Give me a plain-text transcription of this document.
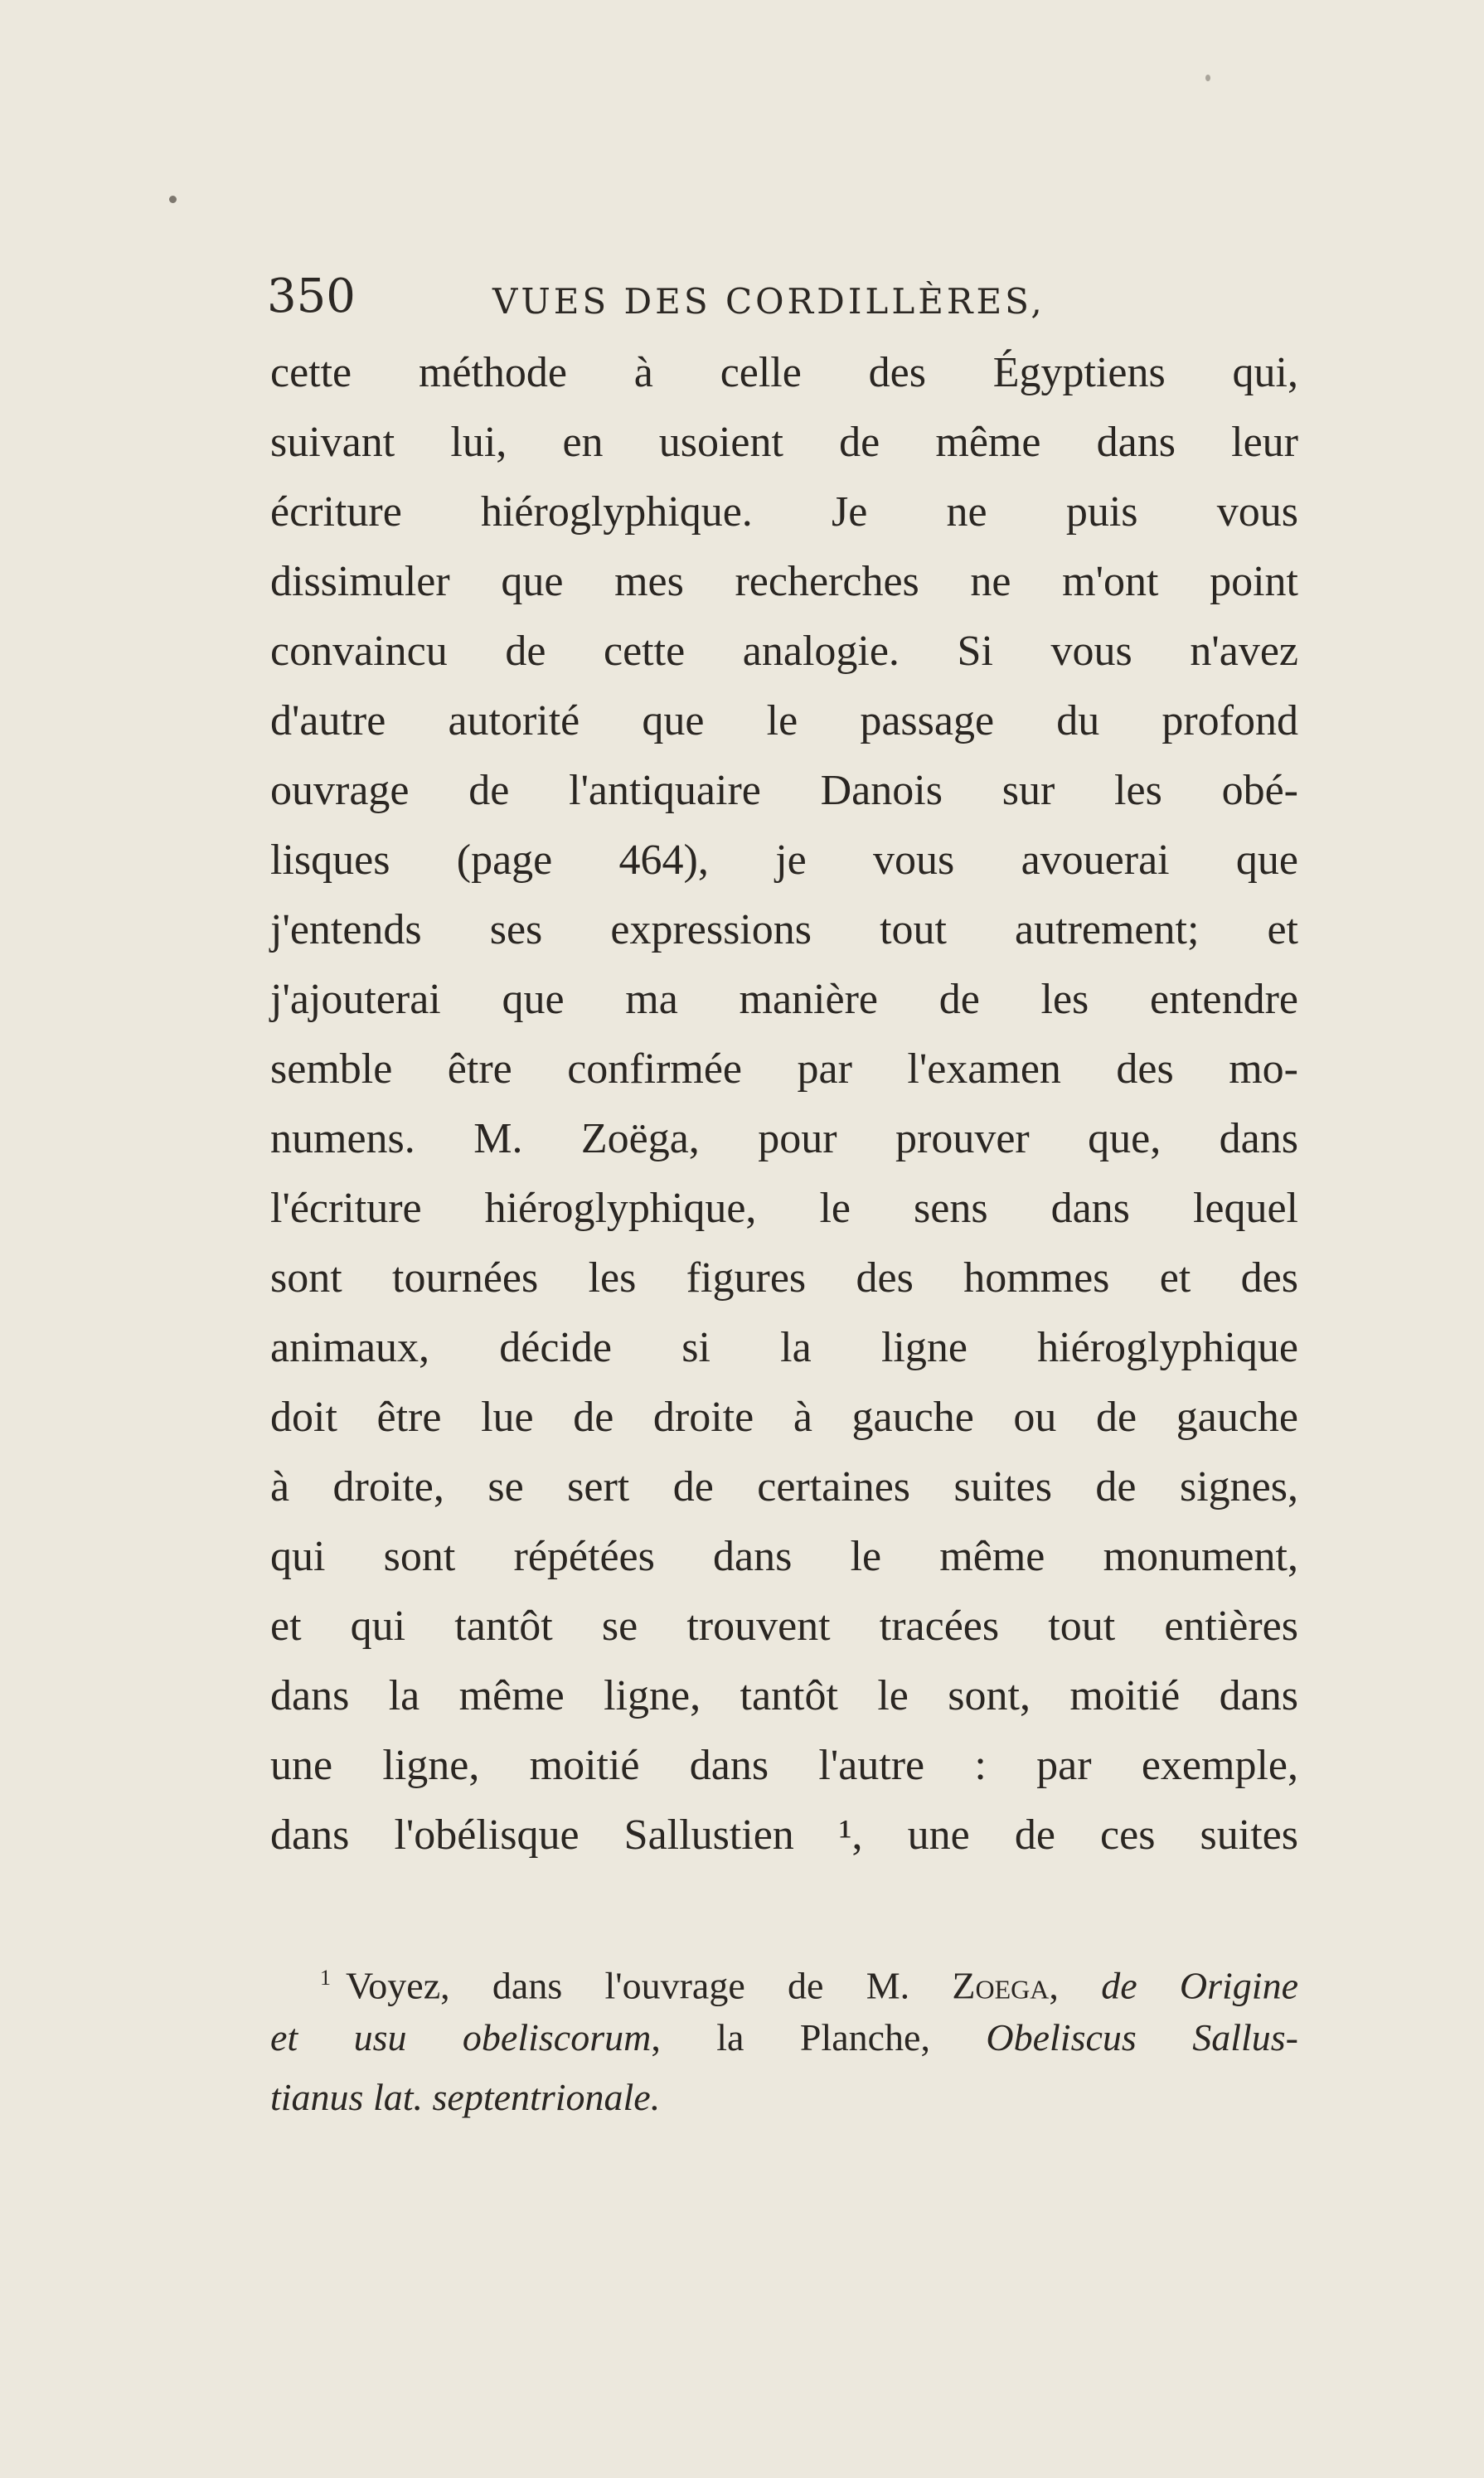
350	VUES DES CORDILLÈRES,
cette méthode à celle des Égyptiens qui,
suivant lui, en usoient de même dans leur
écriture hiéroglyphique. Je ne puis vous
dissimuler que mes recherches ne m'ont point
convaincu de cette analogie. Si vous n'avez
d'autre autorité que le passage du profond
ouvrage de l'antiquaire Danois sur les obé-
lisques (page 464), je vous avouerai que
j'entends ses expressions tout autrement; et
j'ajouterai que ma manière de les entendre
semble être confirmée par l'examen des mo-
numens. M. Zoëga, pour prouver que, dans
l'écriture hiéroglyphique, le sens dans lequel
sont tournées les figures des hommes et des
animaux, décide si la ligne hiéroglyphique
doit être lue de droite à gauche ou de gauche
à droite, se sert de certaines suites de signes,
qui sont répétées dans le même monument,
et qui tantôt se trouvent tracées tout entières
dans la même ligne, tantôt le sont, moitié dans
une ligne, moitié dans l'autre : par exemple,
dans l'obélisque Sallustien ¹, une de ces suites
$^1$ Voyez, dans l'ouvrage de M. Zoega, de Origine
et usu obeliscorum, la Planche, Obeliscus Sallus-
tianus lat. septentrionale.
